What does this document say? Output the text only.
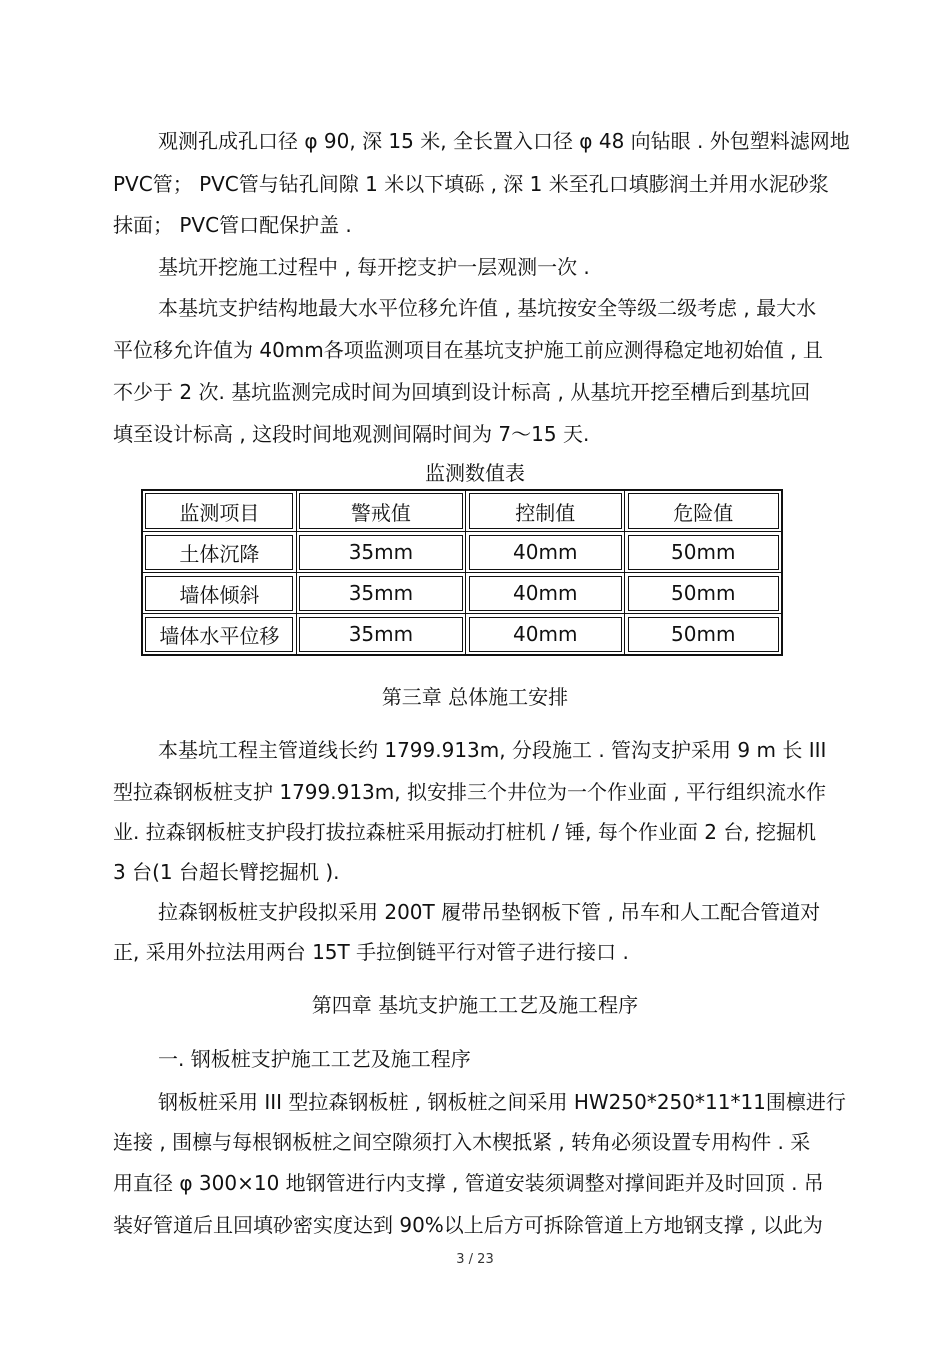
观测孔成孔口径 φ 90, 深 15 米, 全长置入口径 φ 48 向钻眼 . 外包塑料滤网地
PVC管； PVC管与钻孔间隙 1 米以下填砾 , 深 1 米至孔口填膨润土并用水泥砂浆
抹面； PVC管口配保护盖 .
基坑开挖施工过程中 , 每开挖支护一层观测一次 .
本基坑支护结构地最大水平位移允许值 , 基坑按安全等级二级考虑 , 最大水
平位移允许值为 40mm各项监测项目在基坑支护施工前应测得稳定地初始值 , 且
不少于 2 次. 基坑监测完成时间为回填到设计标高 , 从基坑开挖至槽后到基坑回
填至设计标高 , 这段时间地观测间隔时间为 7～15 天.
监测数值表
监测项目	警戒值	控制值	危险值
土体沉降	35mm	40mm	50mm
墙体倾斜	35mm	40mm	50mm
墙体水平位移	35mm	40mm	50mm
第三章 总体施工安排
本基坑工程主管道线长约 1799.913m, 分段施工 . 管沟支护采用 9 m 长 III
型拉森钢板桩支护 1799.913m, 拟安排三个井位为一个作业面 , 平行组织流水作
业. 拉森钢板桩支护段打拔拉森桩采用振动打桩机 / 锤, 每个作业面 2 台, 挖掘机
3 台(1 台超长臂挖掘机 ).
拉森钢板桩支护段拟采用 200T 履带吊垫钢板下管 , 吊车和人工配合管道对
正, 采用外拉法用两台 15T 手拉倒链平行对管子进行接口 .
第四章 基坑支护施工工艺及施工程序
一. 钢板桩支护施工工艺及施工程序
钢板桩采用 III 型拉森钢板桩 , 钢板桩之间采用 HW250*250*11*11围檩进行
连接 , 围檩与每根钢板桩之间空隙须打入木楔抵紧 , 转角必须设置专用构件 . 采
用直径 φ 300×10 地钢管进行内支撑 , 管道安装须调整对撑间距并及时回顶 . 吊
装好管道后且回填砂密实度达到 90%以上后方可拆除管道上方地钢支撑 , 以此为
3 / 23
